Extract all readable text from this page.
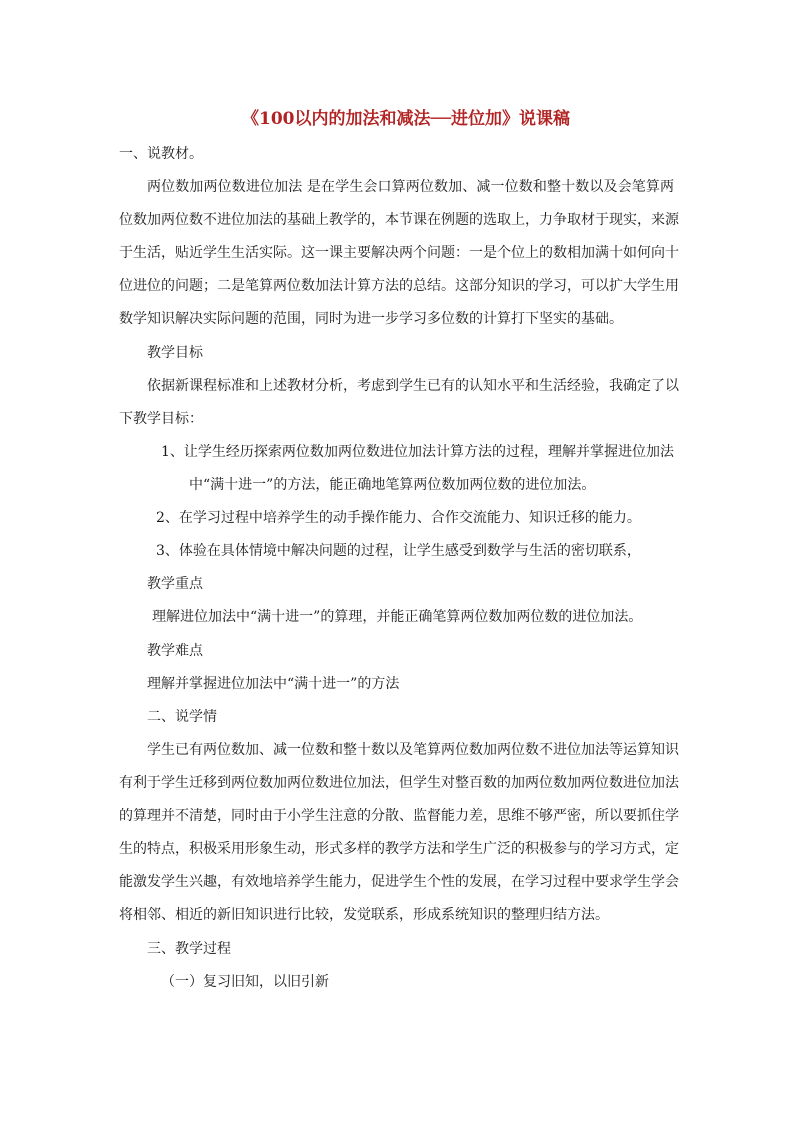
《100以内的加法和减法──进位加》说课稿
一、说教材。
两位数加两位数进位加法 是在学生会口算两位数加、减一位数和整十数以及会笔算两
位数加两位数不进位加法的基础上教学的，本节课在例题的选取上，力争取材于现实，来源
于生活，贴近学生生活实际。这一课主要解决两个问题：一是个位上的数相加满十如何向十
位进位的问题；二是笔算两位数加法计算方法的总结。这部分知识的学习，可以扩大学生用
数学知识解决实际问题的范围，同时为进一步学习多位数的计算打下坚实的基础。
教学目标
依据新课程标准和上述教材分析，考虑到学生已有的认知水平和生活经验，我确定了以
下教学目标：
1、让学生经历探索两位数加两位数进位加法计算方法的过程，理解并掌握进位加法
中“满十进一”的方法，能正确地笔算两位数加两位数的进位加法。
2、在学习过程中培养学生的动手操作能力、合作交流能力、知识迁移的能力。
3、体验在具体情境中解决问题的过程，让学生感受到数学与生活的密切联系，
教学重点
理解进位加法中“满十进一”的算理，并能正确笔算两位数加两位数的进位加法。
教学难点
理解并掌握进位加法中“满十进一”的方法
二、说学情
学生已有两位数加、减一位数和整十数以及笔算两位数加两位数不进位加法等运算知识
有利于学生迁移到两位数加两位数进位加法，但学生对整百数的加两位数加两位数进位加法
的算理并不清楚，同时由于小学生注意的分散、监督能力差，思维不够严密，所以要抓住学
生的特点，积极采用形象生动，形式多样的教学方法和学生广泛的积极参与的学习方式，定
能激发学生兴趣，有效地培养学生能力，促进学生个性的发展，在学习过程中要求学生学会
将相邻、相近的新旧知识进行比较，发觉联系，形成系统知识的整理归结方法。
三、教学过程
（一）复习旧知，以旧引新
